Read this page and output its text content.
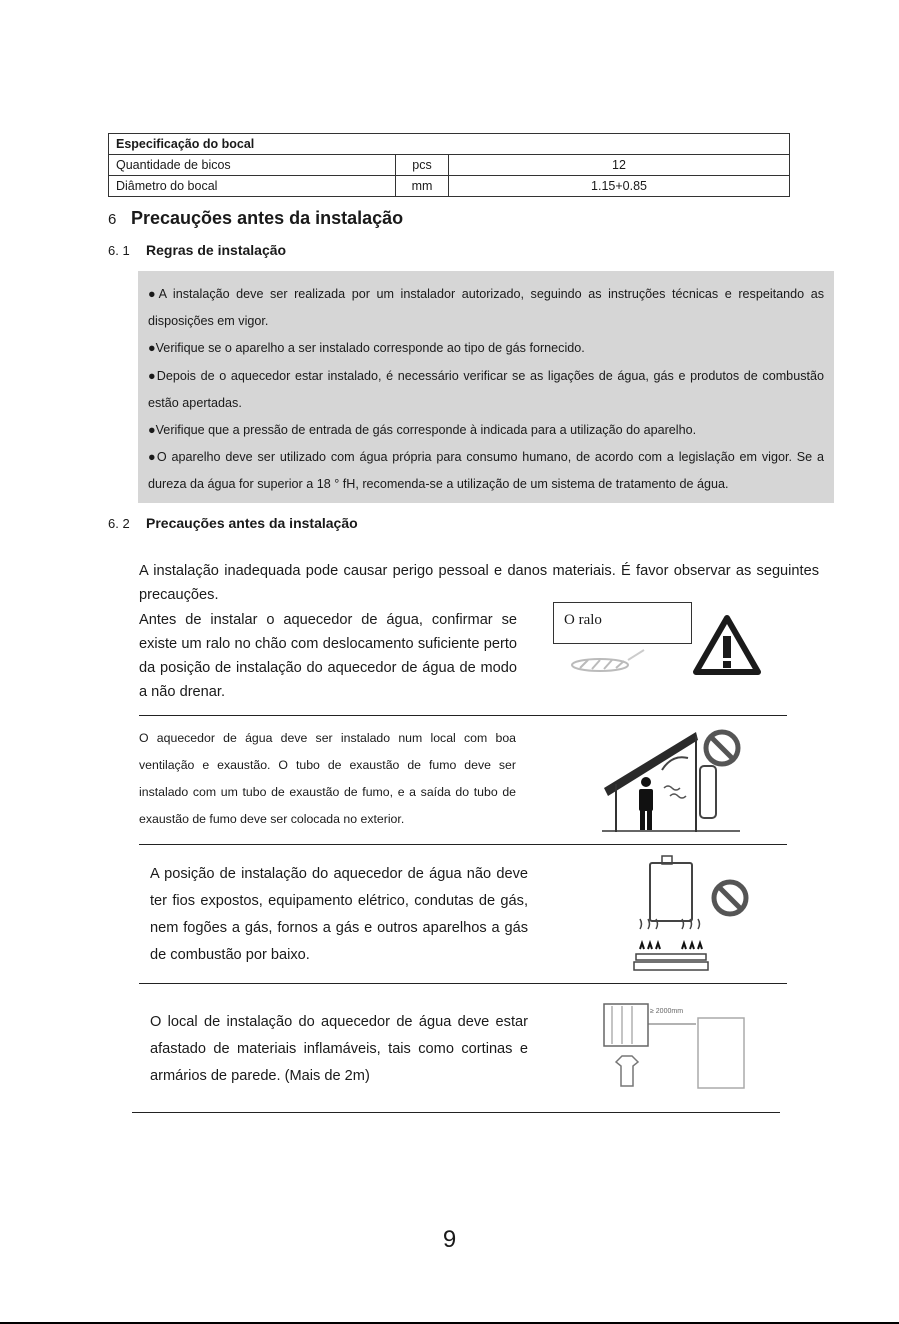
Especificação do bocal		
Quantidade de bicos	pcs	12
Diâmetro do bocal	mm	1.15+0.85
6 Precauções antes da instalação
6. 1 Regras de instalação

●A instalação deve ser realizada por um instalador autorizado, seguindo as instruções técnicas e respeitando as disposições em vigor.

●Verifique se o aparelho a ser instalado corresponde ao tipo de gás fornecido.

●Depois de o aquecedor estar instalado, é necessário verificar se as ligações de água, gás e produtos de combustão estão apertadas.

●Verifique que a pressão de entrada de gás corresponde à indicada para a utilização do aparelho.

●O aparelho deve ser utilizado com água própria para consumo humano, de acordo com a legislação em vigor. Se a dureza da água for superior a 18 ° fH, recomenda-se a utilização de um sistema de tratamento de água.

6. 2 Precauções antes da instalação
A instalação inadequada pode causar perigo pessoal e danos materiais. É favor observar as seguintes precauções.
Antes de instalar o aquecedor de água, confirmar se existe um ralo no chão com deslocamento suficiente perto da posição de instalação do aquecedor de água de modo a não drenar.
O ralo
O aquecedor de água deve ser instalado num local com boa ventilação e exaustão. O tubo de exaustão de fumo deve ser instalado com um tubo de exaustão de fumo, e a saída do tubo de exaustão de fumo deve ser colocada no exterior.
A posição de instalação do aquecedor de água não deve ter fios expostos, equipamento elétrico, condutas de gás, nem fogões a gás, fornos a gás e outros aparelhos a gás de combustão por baixo.
O local de instalação do aquecedor de água deve estar afastado de materiais inflamáveis, tais como cortinas e armários de parede. (Mais de 2m)
≥ 2000mm
9
